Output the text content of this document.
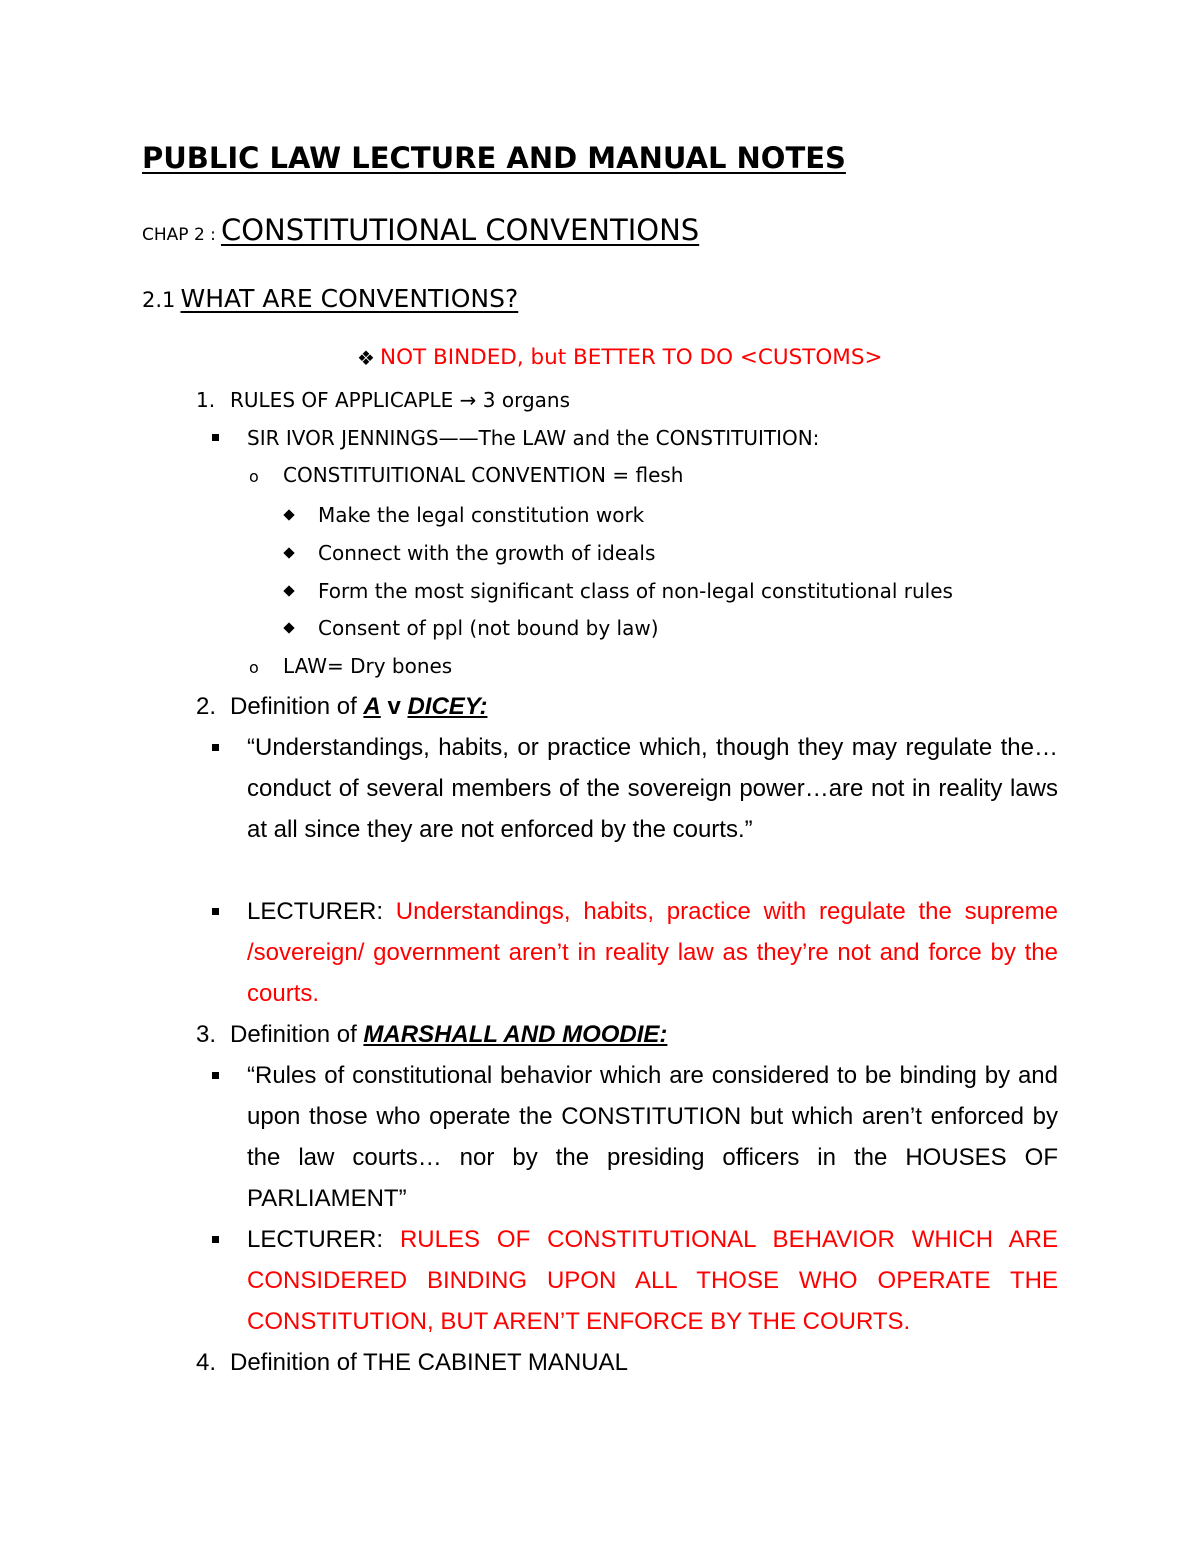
PUBLIC LAW LECTURE AND MANUAL NOTES
CHAP 2 : CONSTITUTIONAL CONVENTIONS
2.1 WHAT ARE CONVENTIONS?
❖ NOT BINDED, but BETTER TO DO <CUSTOMS>
1. RULES OF APPLICAPLE → 3 organs
SIR IVOR JENNINGS——The LAW and the CONSTITUITION:
o CONSTITUITIONAL CONVENTION = flesh
Make the legal constitution work
Connect with the growth of ideals
Form the most significant class of non-legal constitutional rules
Consent of ppl (not bound by law)
o LAW= Dry bones
2. Definition of A v DICEY:

“Understandings, habits, or practice which, though they may regulate the… conduct of several members of the sovereign power…are not in reality laws at all since they are not enforced by the courts.”

LECTURER: Understandings, habits, practice with regulate the supreme /sovereign/ government aren’t in reality law as they’re not and force by the courts.

3. Definition of MARSHALL AND MOODIE:

“Rules of constitutional behavior which are considered to be binding by and upon those who operate the CONSTITUTION but which aren’t enforced by the law courts… nor by the presiding officers in the HOUSES OF PARLIAMENT”

LECTURER: RULES OF CONSTITUTIONAL BEHAVIOR WHICH ARE CONSIDERED BINDING UPON ALL THOSE WHO OPERATE THE CONSTITUTION, BUT AREN’T ENFORCE BY THE COURTS.

4. Definition of THE CABINET MANUAL
